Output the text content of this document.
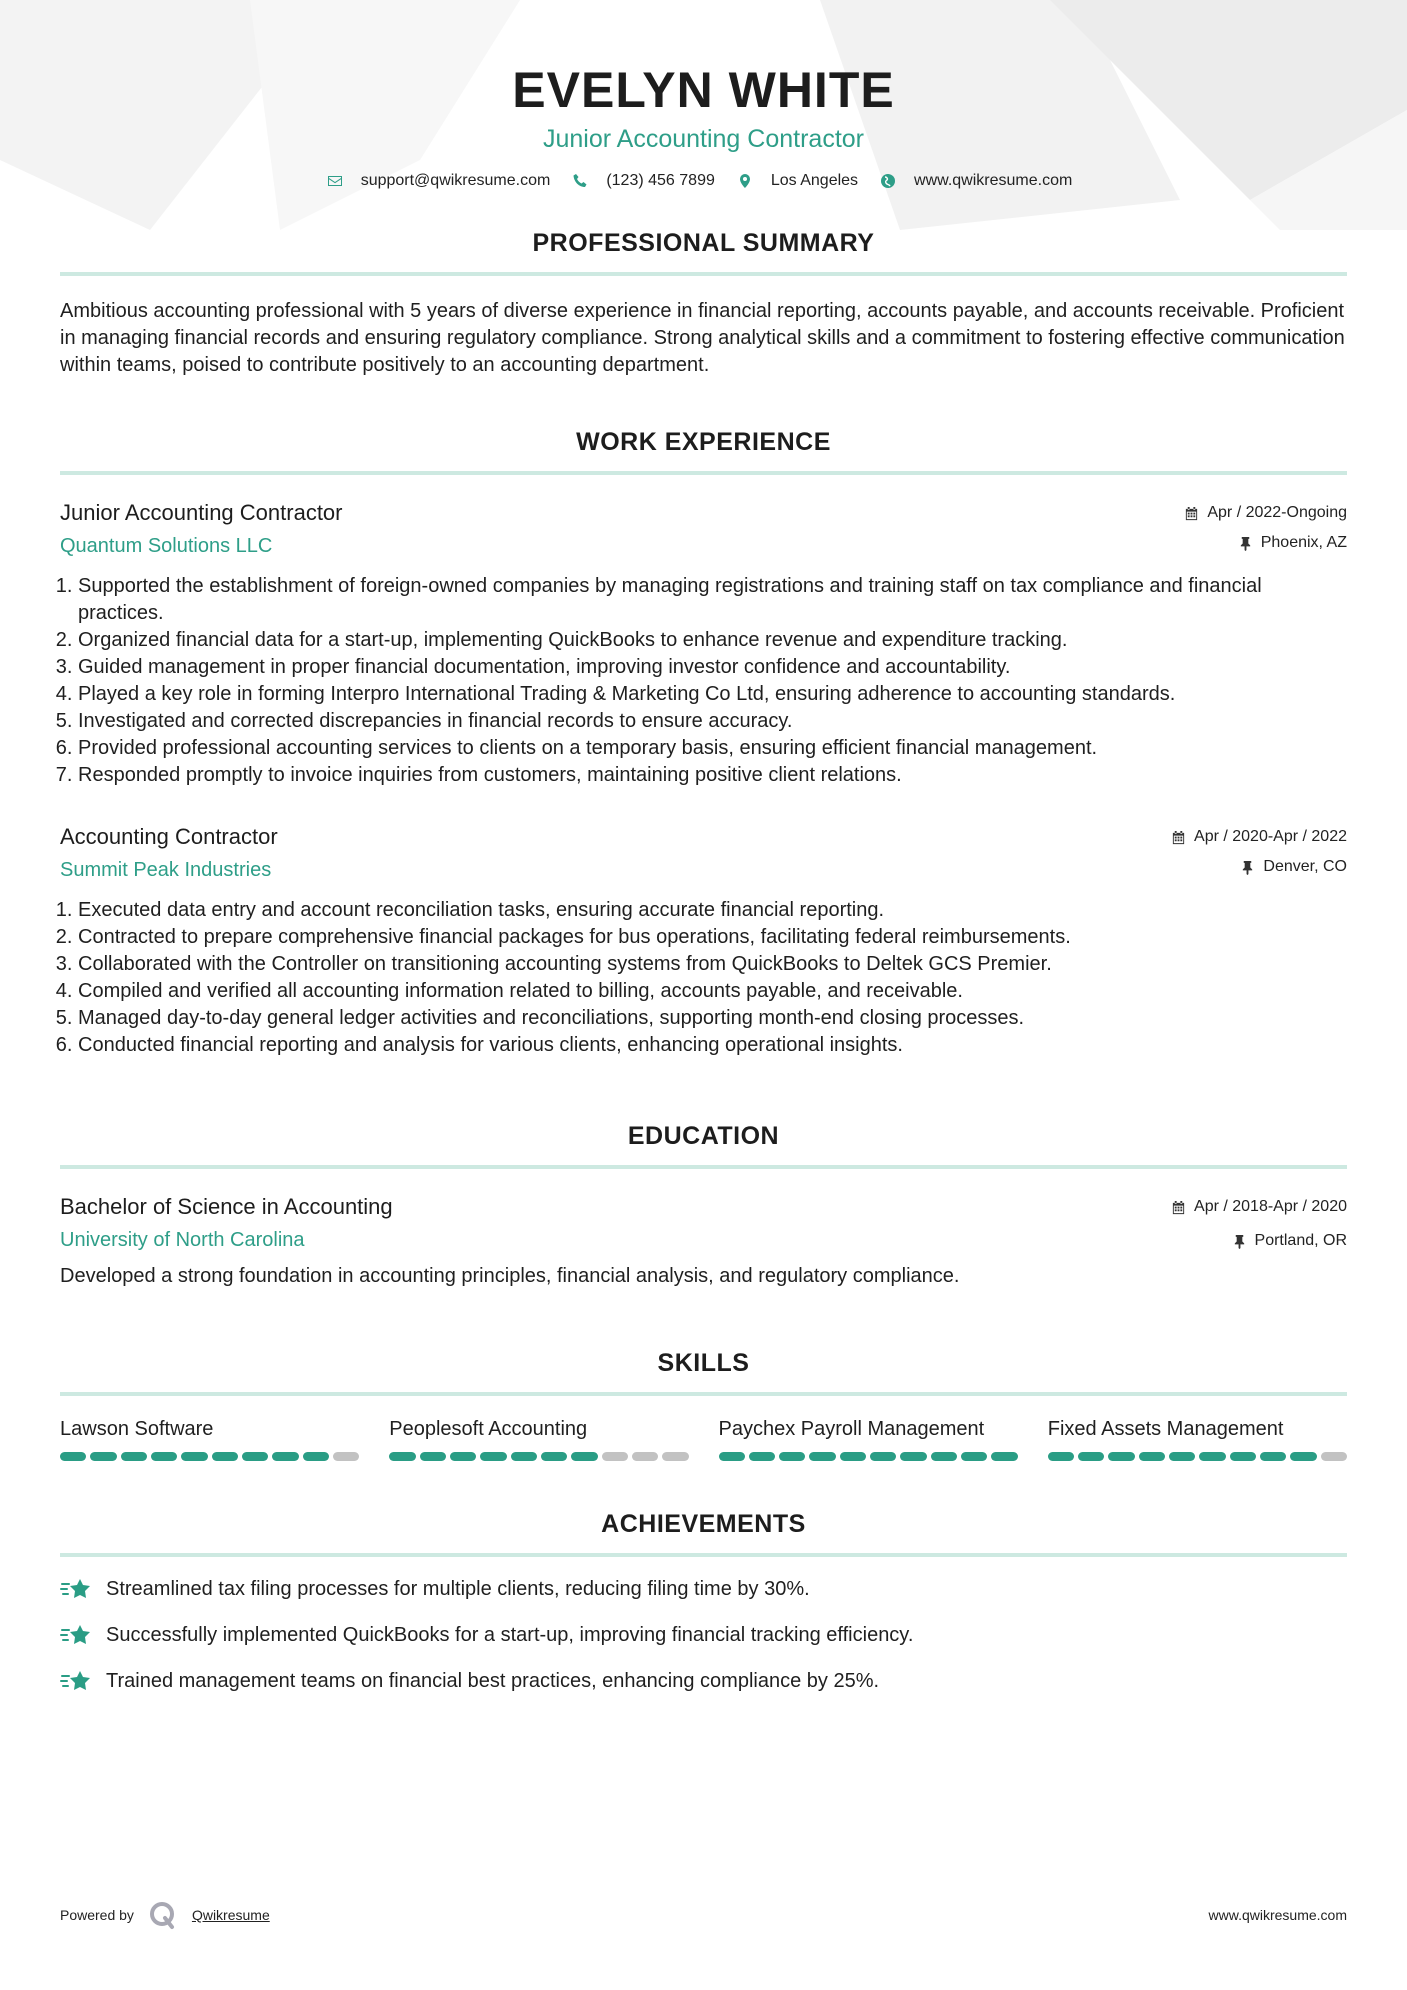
EVELYN WHITE
Junior Accounting Contractor
support@qwikresume.com	(123) 456 7899	Los Angeles	www.qwikresume.com
PROFESSIONAL SUMMARY

Ambitious accounting professional with 5 years of diverse experience in financial reporting, accounts payable, and accounts receivable. Proficient in managing financial records and ensuring regulatory compliance. Strong analytical skills and a commitment to fostering effective communication within teams, poised to contribute positively to an accounting department.

WORK EXPERIENCE
Junior Accounting Contractor
Quantum Solutions LLC
Apr / 2022-Ongoing
Phoenix, AZ
1. Supported the establishment of foreign-owned companies by managing registrations and training staff on tax compliance and financial practices.
2. Organized financial data for a start-up, implementing QuickBooks to enhance revenue and expenditure tracking.
3. Guided management in proper financial documentation, improving investor confidence and accountability.
4. Played a key role in forming Interpro International Trading & Marketing Co Ltd, ensuring adherence to accounting standards.
5. Investigated and corrected discrepancies in financial records to ensure accuracy.
6. Provided professional accounting services to clients on a temporary basis, ensuring efficient financial management.
7. Responded promptly to invoice inquiries from customers, maintaining positive client relations.
Accounting Contractor
Summit Peak Industries
Apr / 2020-Apr / 2022
Denver, CO
1. Executed data entry and account reconciliation tasks, ensuring accurate financial reporting.
2. Contracted to prepare comprehensive financial packages for bus operations, facilitating federal reimbursements.
3. Collaborated with the Controller on transitioning accounting systems from QuickBooks to Deltek GCS Premier.
4. Compiled and verified all accounting information related to billing, accounts payable, and receivable.
5. Managed day-to-day general ledger activities and reconciliations, supporting month-end closing processes.
6. Conducted financial reporting and analysis for various clients, enhancing operational insights.
EDUCATION
Bachelor of Science in Accounting
University of North Carolina
Apr / 2018-Apr / 2020
Portland, OR

Developed a strong foundation in accounting principles, financial analysis, and regulatory compliance.

SKILLS
Lawson Software	Peoplesoft Accounting	Paychex Payroll Management	Fixed Assets Management
ACHIEVEMENTS
Streamlined tax filing processes for multiple clients, reducing filing time by 30%.
Successfully implemented QuickBooks for a start-up, improving financial tracking efficiency.
Trained management teams on financial best practices, enhancing compliance by 25%.
Powered by	Qwikresume	www.qwikresume.com
